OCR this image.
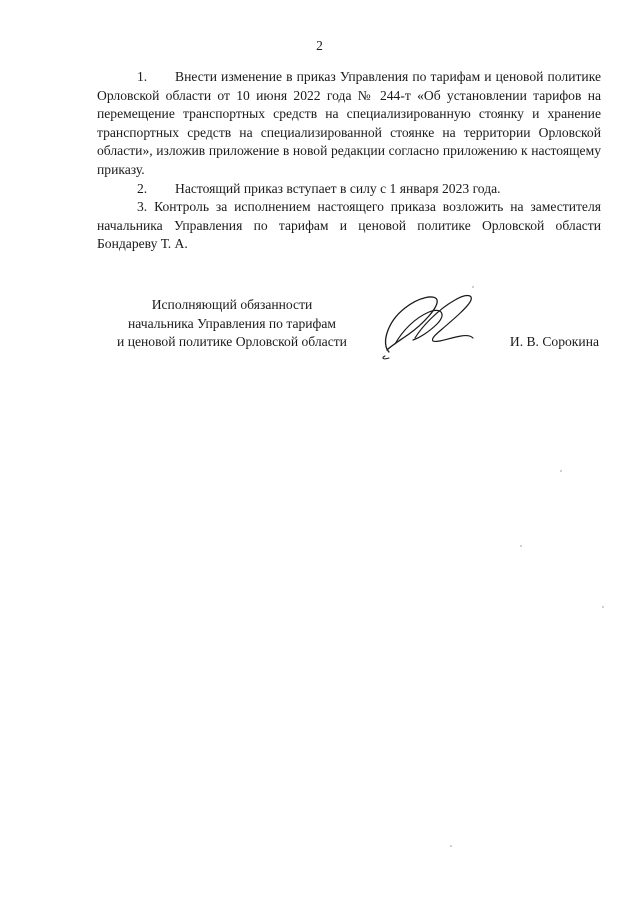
2

1. Внести изменение в приказ Управления по тарифам и ценовой политике Орловской области от 10 июня 2022 года № 244-т «Об установлении тарифов на перемещение транспортных средств на специализированную стоянку и хранение транспортных средств на специализированной стоянке на территории Орловской области», изложив приложение в новой редакции согласно приложению к настоящему приказу.

2. Настоящий приказ вступает в силу с 1 января 2023 года.

3. Контроль за исполнением настоящего приказа возложить на заместителя начальника Управления по тарифам и ценовой политике Орловской области Бондареву Т. А.

Исполняющий обязанности
начальника Управления по тарифам
и ценовой политике Орловской области	И. В. Сорокина
